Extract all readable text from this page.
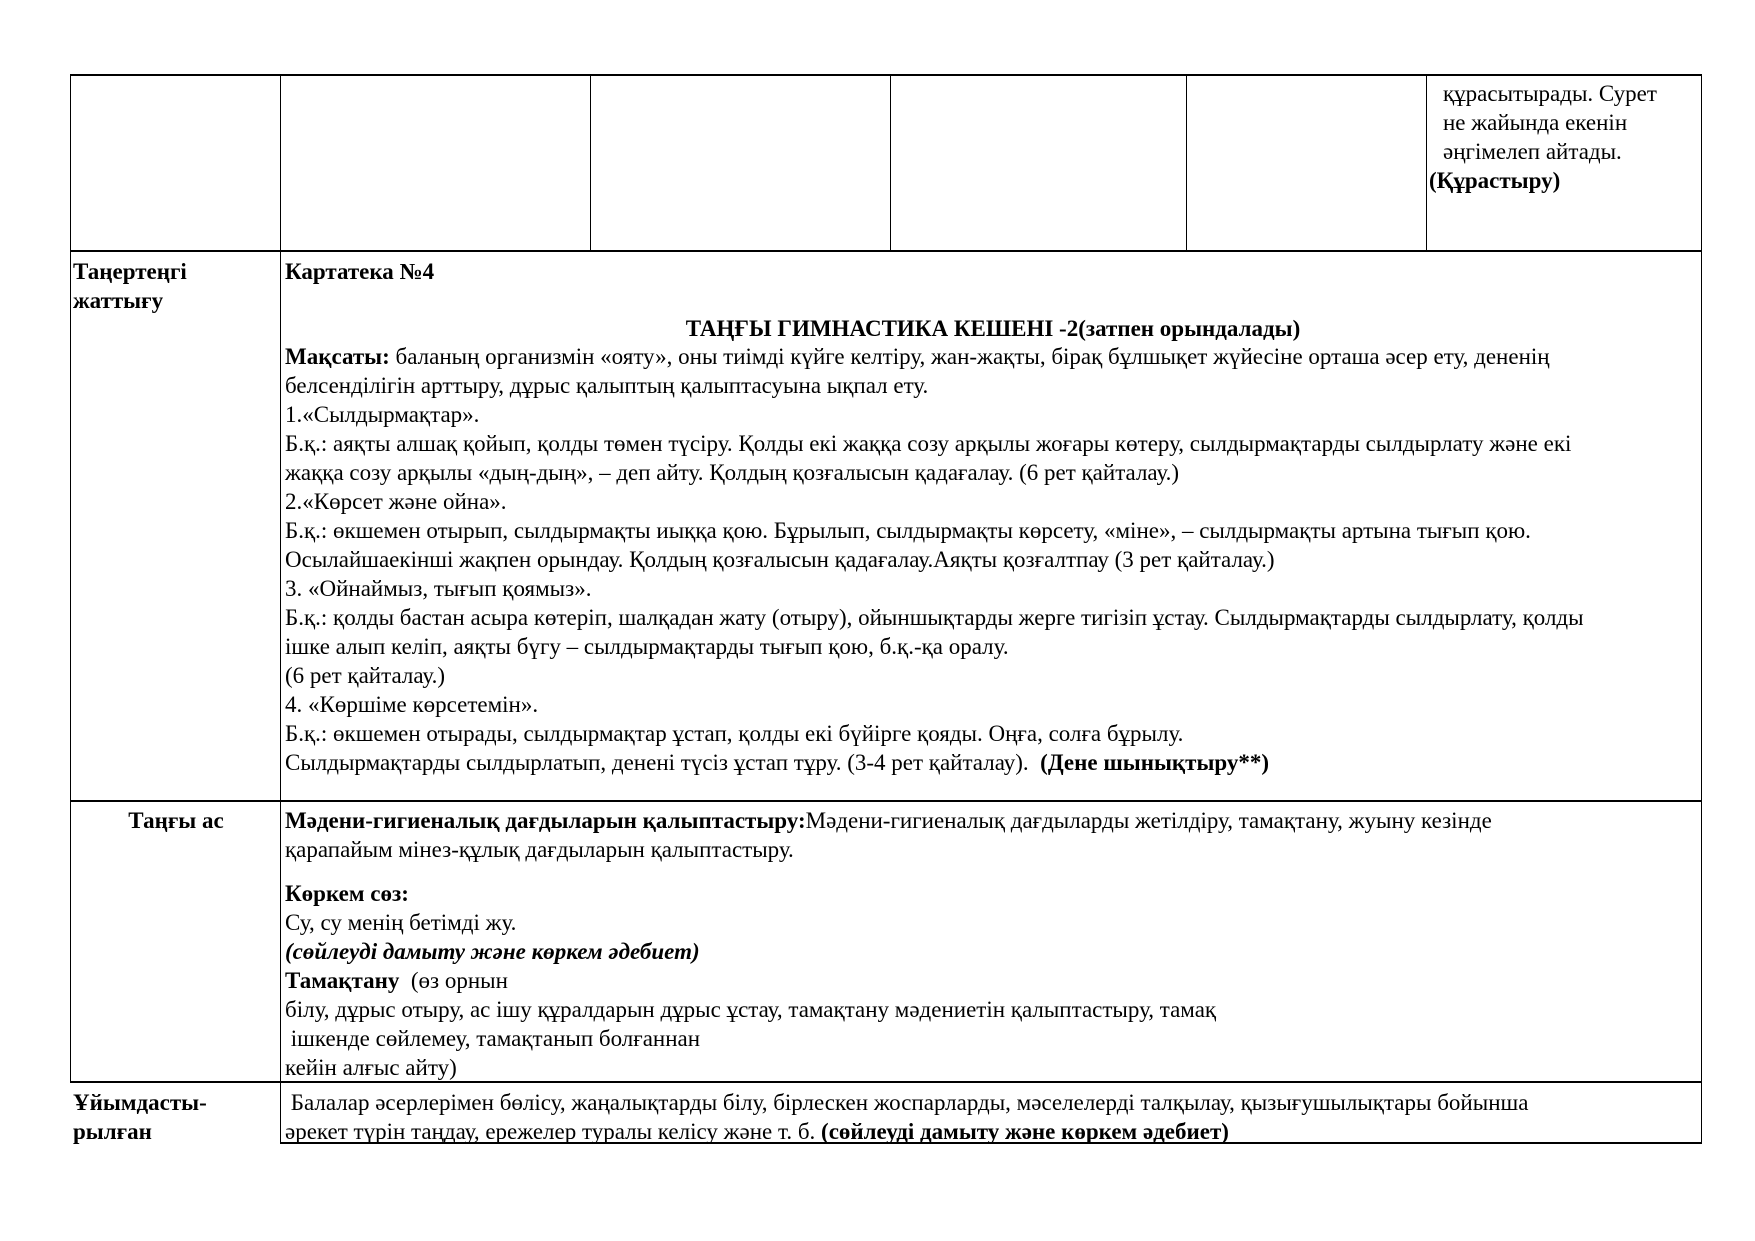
құрасытырады. Сурет
не жайында екенін
әңгімелеп айтады.
(Құрастыру)
Таңертеңгі
жаттығу
Картатека №4
ТАҢҒЫ ГИМНАСТИКА КЕШЕНІ -2(затпен орындалады)
Мақсаты: баланың организмін «ояту», оны тиімді күйге келтіру, жан-жақты, бірақ бұлшықет жүйесіне орташа әсер ету, дененің
белсенділігін арттыру, дұрыс қалыптың қалыптасуына ықпал ету.
1.«Сылдырмақтар».
Б.қ.: аяқты алшақ қойып, қолды төмен түсіру. Қолды екі жаққа созу арқылы жоғары көтеру, сылдырмақтарды сылдырлату және екі
жаққа созу арқылы «дың-дың», – деп айту. Қолдың қозғалысын қадағалау. (6 рет қайталау.)
2.«Көрсет және ойна».
Б.қ.: өкшемен отырып, сылдырмақты иыққа қою. Бұрылып, сылдырмақты көрсету, «міне», – сылдырмақты артына тығып қою.
Осылайшаекінші жақпен орындау. Қолдың қозғалысын қадағалау.Аяқты қозғалтпау (3 рет қайталау.)
3. «Ойнаймыз, тығып қоямыз».
Б.қ.: қолды бастан асыра көтеріп, шалқадан жату (отыру), ойыншықтарды жерге тигізіп ұстау. Сылдырмақтарды сылдырлату, қолды
ішке алып келіп, аяқты бүгу – сылдырмақтарды тығып қою, б.қ.-қа оралу.
(6 рет қайталау.)
4. «Көршіме көрсетемін».
Б.қ.: өкшемен отырады, сылдырмақтар ұстап, қолды екі бүйірге қояды. Оңға, солға бұрылу.
Сылдырмақтарды сылдырлатып, денені түсіз ұстап тұру. (3-4 рет қайталау).  (Дене шынықтыру**)
Таңғы ас	Мәдени-гигиеналық дағдыларын қалыптастыру:Мәдени-гигиеналық дағдыларды жетілдіру, тамақтану, жуыну кезінде
қарапайым мінез-құлық дағдыларын қалыптастыру.
Көркем сөз:
Су, су менің бетімді жу.
(сөйлеуді дамыту және көркем әдебиет)
Тамақтану  (өз орнын
білу, дұрыс отыру, ас ішу құралдарын дұрыс ұстау, тамақтану мәдениетін қалыптастыру, тамақ
ішкенде сөйлемеу, тамақтанып болғаннан
кейін алғыс айту)
Ұйымдасты-
рылған
Балалар әсерлерімен бөлісу, жаңалықтарды білу, бірлескен жоспарларды, мәселелерді талқылау, қызығушылықтары бойынша
әрекет түрін таңдау, ережелер туралы келісу және т. б. (сөйлеуді дамыту және көркем әдебиет)
